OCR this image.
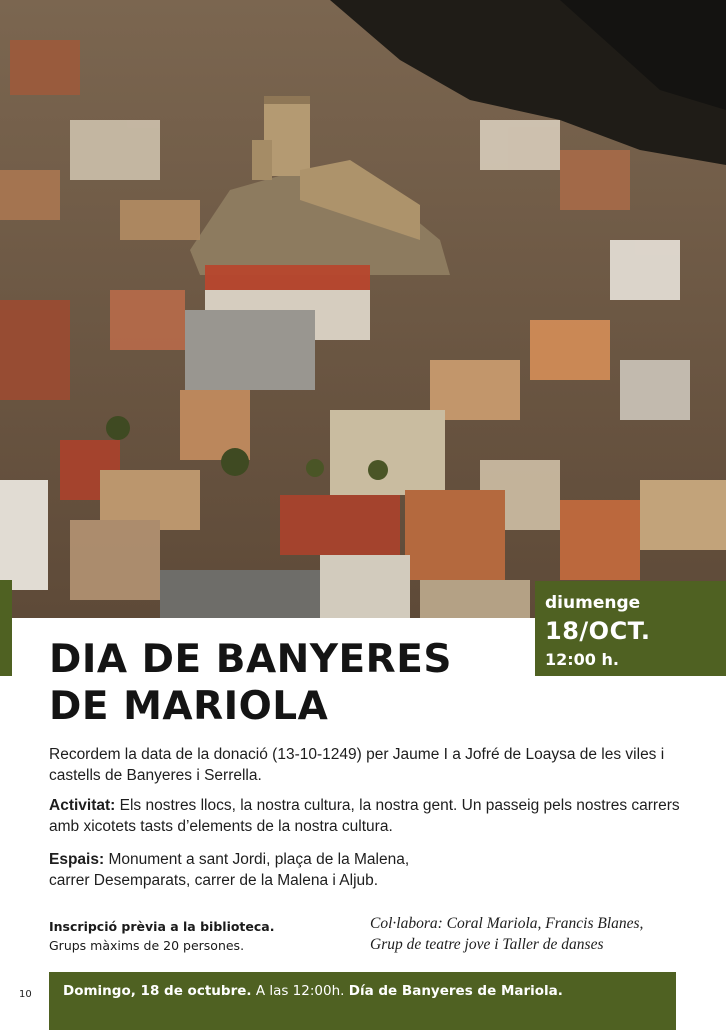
diumenge
18/OCT.
12:00 h.
DIA DE BANYERES
DE MARIOLA

Recordem la data de la donació (13-10-1249) per Jaume I a Jofré de Loaysa de les viles i castells de Banyeres i Serrella.

Activitat: Els nostres llocs, la nostra cultura, la nostra gent. Un passeig pels nostres carrers amb xicotets tasts d’elements de la nostra cultura.

Espais: Monument a sant Jordi, plaça de la Malena,
carrer Desemparats, carrer de la Malena i Aljub.

Inscripció prèvia a la biblioteca.
Grups màxims de 20 persones.
Col·labora: Coral Mariola, Francis Blanes,
Grup de teatre jove i Taller de danses
10 Domingo, 18 de octubre. A las 12:00h. Día de Banyeres de Mariola.
